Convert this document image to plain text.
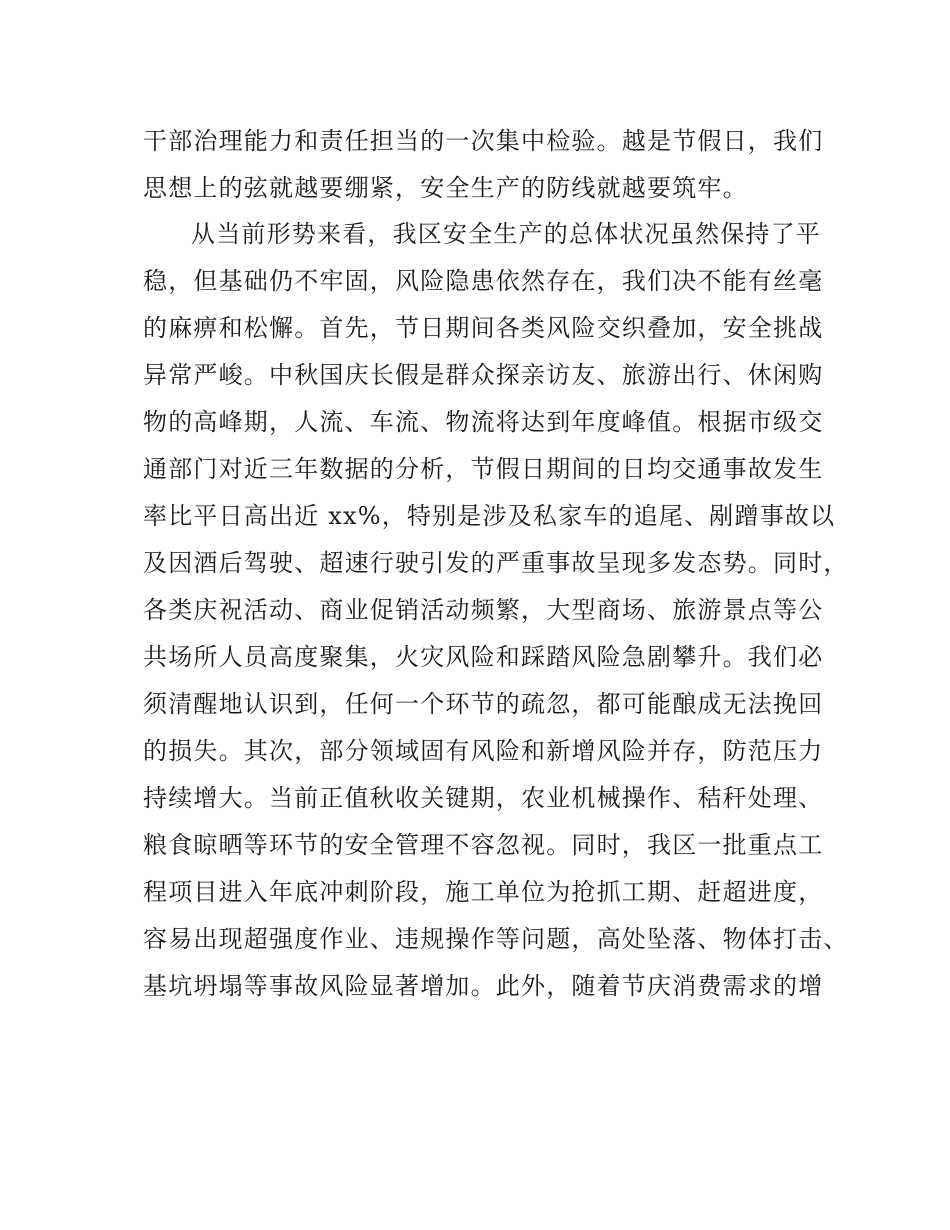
干部治理能力和责任担当的一次集中检验。越是节假日，我们
思想上的弦就越要绷紧，安全生产的防线就越要筑牢。
从当前形势来看，我区安全生产的总体状况虽然保持了平
稳，但基础仍不牢固，风险隐患依然存在，我们决不能有丝毫
的麻痹和松懈。首先，节日期间各类风险交织叠加，安全挑战
异常严峻。中秋国庆长假是群众探亲访友、旅游出行、休闲购
物的高峰期，人流、车流、物流将达到年度峰值。根据市级交
通部门对近三年数据的分析，节假日期间的日均交通事故发生
率比平日高出近 xx%，特别是涉及私家车的追尾、剐蹭事故以
及因酒后驾驶、超速行驶引发的严重事故呈现多发态势。同时，
各类庆祝活动、商业促销活动频繁，大型商场、旅游景点等公
共场所人员高度聚集，火灾风险和踩踏风险急剧攀升。我们必
须清醒地认识到，任何一个环节的疏忽，都可能酿成无法挽回
的损失。其次，部分领域固有风险和新增风险并存，防范压力
持续增大。当前正值秋收关键期，农业机械操作、秸秆处理、
粮食晾晒等环节的安全管理不容忽视。同时，我区一批重点工
程项目进入年底冲刺阶段，施工单位为抢抓工期、赶超进度，
容易出现超强度作业、违规操作等问题，高处坠落、物体打击、
基坑坍塌等事故风险显著增加。此外，随着节庆消费需求的增
